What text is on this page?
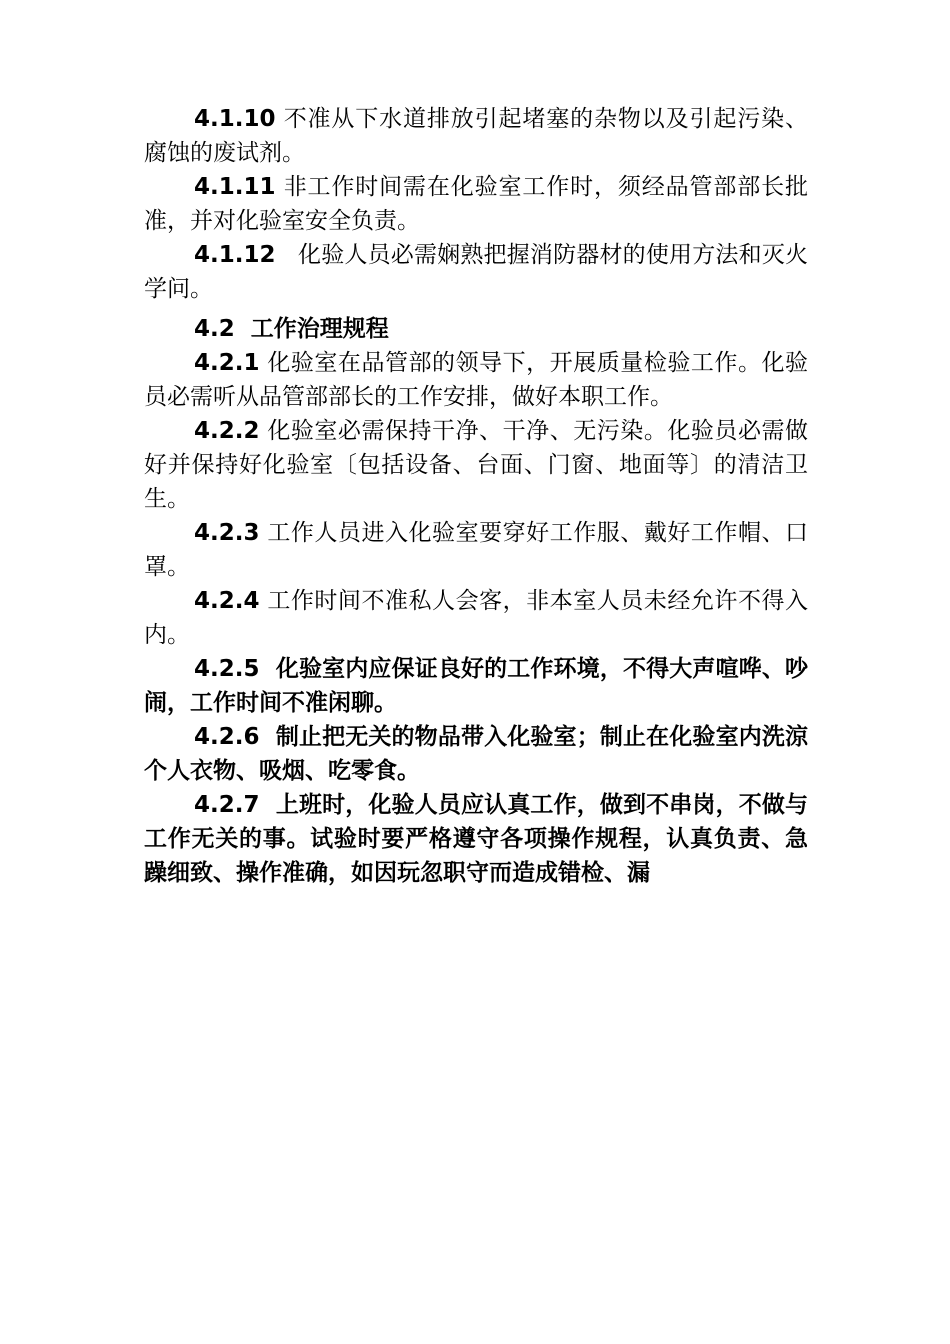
4.1.10 不准从下水道排放引起堵塞的杂物以及引起污染、腐蚀的废试剂。

4.1.11 非工作时间需在化验室工作时，须经品管部部长批准，并对化验室安全负责。

4.1.12 化验人员必需娴熟把握消防器材的使用方法和灭火学问。

4.2 工作治理规程

4.2.1 化验室在品管部的领导下，开展质量检验工作。化验员必需听从品管部部长的工作安排，做好本职工作。

4.2.2 化验室必需保持干净、干净、无污染。化验员必需做好并保持好化验室〔包括设备、台面、门窗、地面等〕的清洁卫生。

4.2.3 工作人员进入化验室要穿好工作服、戴好工作帽、口罩。

4.2.4 工作时间不准私人会客，非本室人员未经允许不得入内。

4.2.5 化验室内应保证良好的工作环境，不得大声喧哗、吵闹，工作时间不准闲聊。

4.2.6 制止把无关的物品带入化验室；制止在化验室内洗涼个人衣物、吸烟、吃零食。

4.2.7 上班时，化验人员应认真工作，做到不串岗，不做与工作无关的事。试验时要严格遵守各项操作规程，认真负责、急躁细致、操作准确，如因玩忽职守而造成错检、漏
